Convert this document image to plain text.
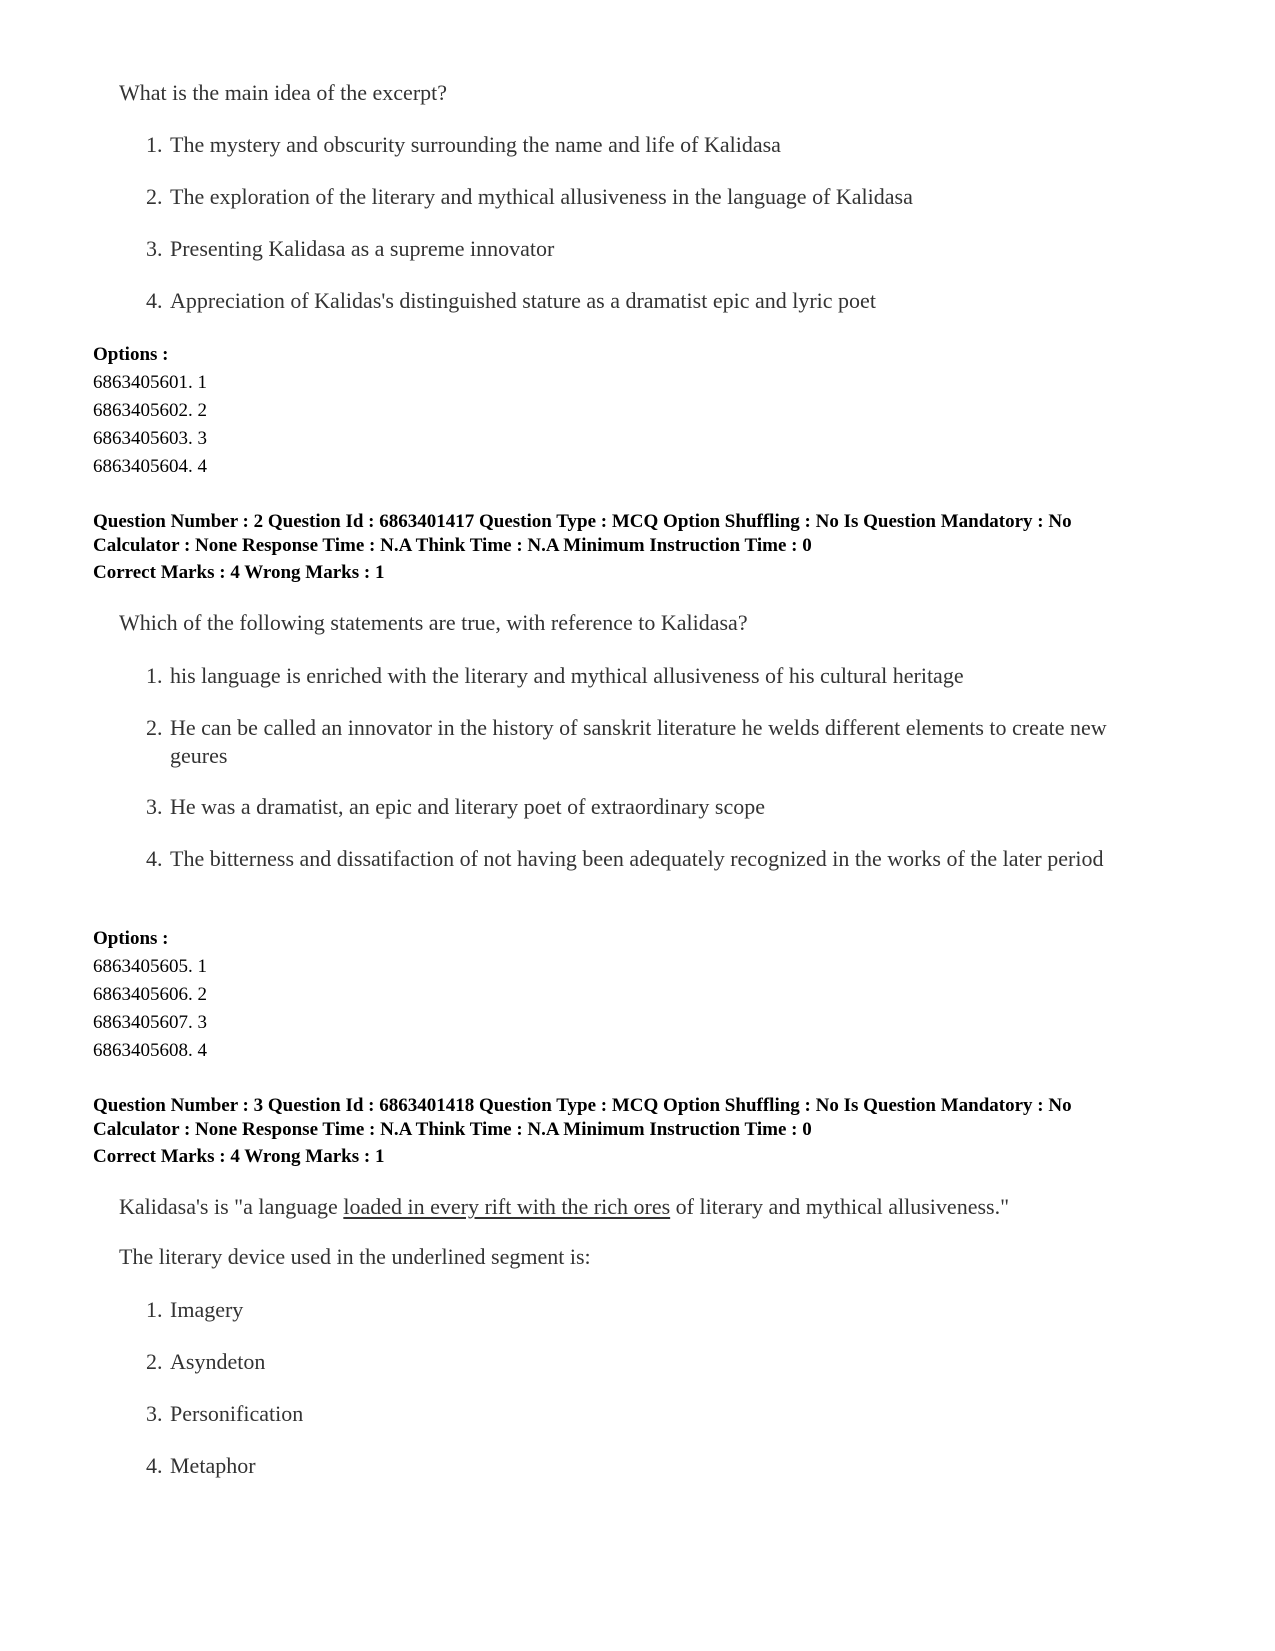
What is the main idea of the excerpt?
1. The mystery and obscurity surrounding the name and life of Kalidasa
2. The exploration of the literary and mythical allusiveness in the language of Kalidasa
3. Presenting Kalidasa as a supreme innovator
4. Appreciation of Kalidas's distinguished stature as a dramatist epic and lyric poet
Options :
6863405601. 1
6863405602. 2
6863405603. 3
6863405604. 4
Question Number : 2 Question Id : 6863401417 Question Type : MCQ Option Shuffling : No Is Question Mandatory : No
Calculator : None Response Time : N.A Think Time : N.A Minimum Instruction Time : 0
Correct Marks : 4 Wrong Marks : 1
Which of the following statements are true, with reference to Kalidasa?
1. his language is enriched with the literary and mythical allusiveness of his cultural heritage
2. He can be called an innovator in the history of sanskrit literature he welds different elements to create new geures
3. He was a dramatist, an epic and literary poet of extraordinary scope
4. The bitterness and dissatifaction of not having been adequately recognized in the works of the later period
Options :
6863405605. 1
6863405606. 2
6863405607. 3
6863405608. 4
Question Number : 3 Question Id : 6863401418 Question Type : MCQ Option Shuffling : No Is Question Mandatory : No
Calculator : None Response Time : N.A Think Time : N.A Minimum Instruction Time : 0
Correct Marks : 4 Wrong Marks : 1
Kalidasa's is "a language loaded in every rift with the rich ores of literary and mythical allusiveness."
The literary device used in the underlined segment is:
1. Imagery
2. Asyndeton
3. Personification
4. Metaphor
